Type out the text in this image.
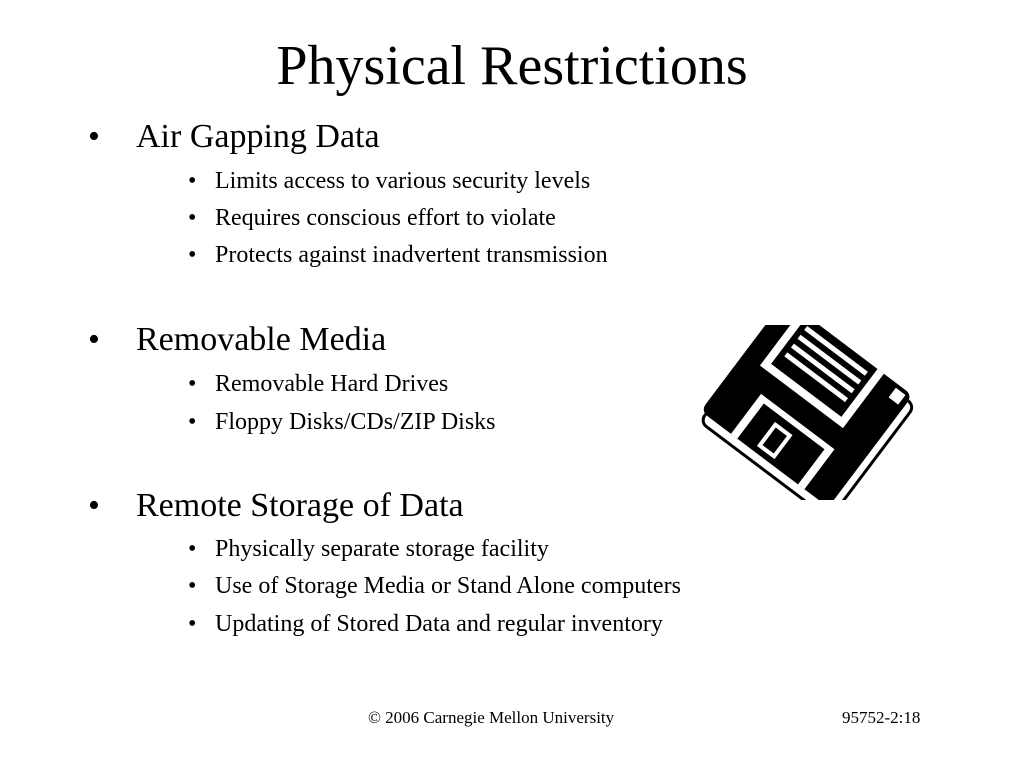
Physical Restrictions
• Air Gapping Data
• Limits access to various security levels
• Requires conscious effort to violate
• Protects against inadvertent transmission
• Removable Media
• Removable Hard Drives
• Floppy Disks/CDs/ZIP Disks
• Remote Storage of Data
• Physically separate storage facility
• Use of Storage Media or Stand Alone computers
• Updating of Stored Data and regular inventory
© 2006 Carnegie Mellon University	95752-2:18
